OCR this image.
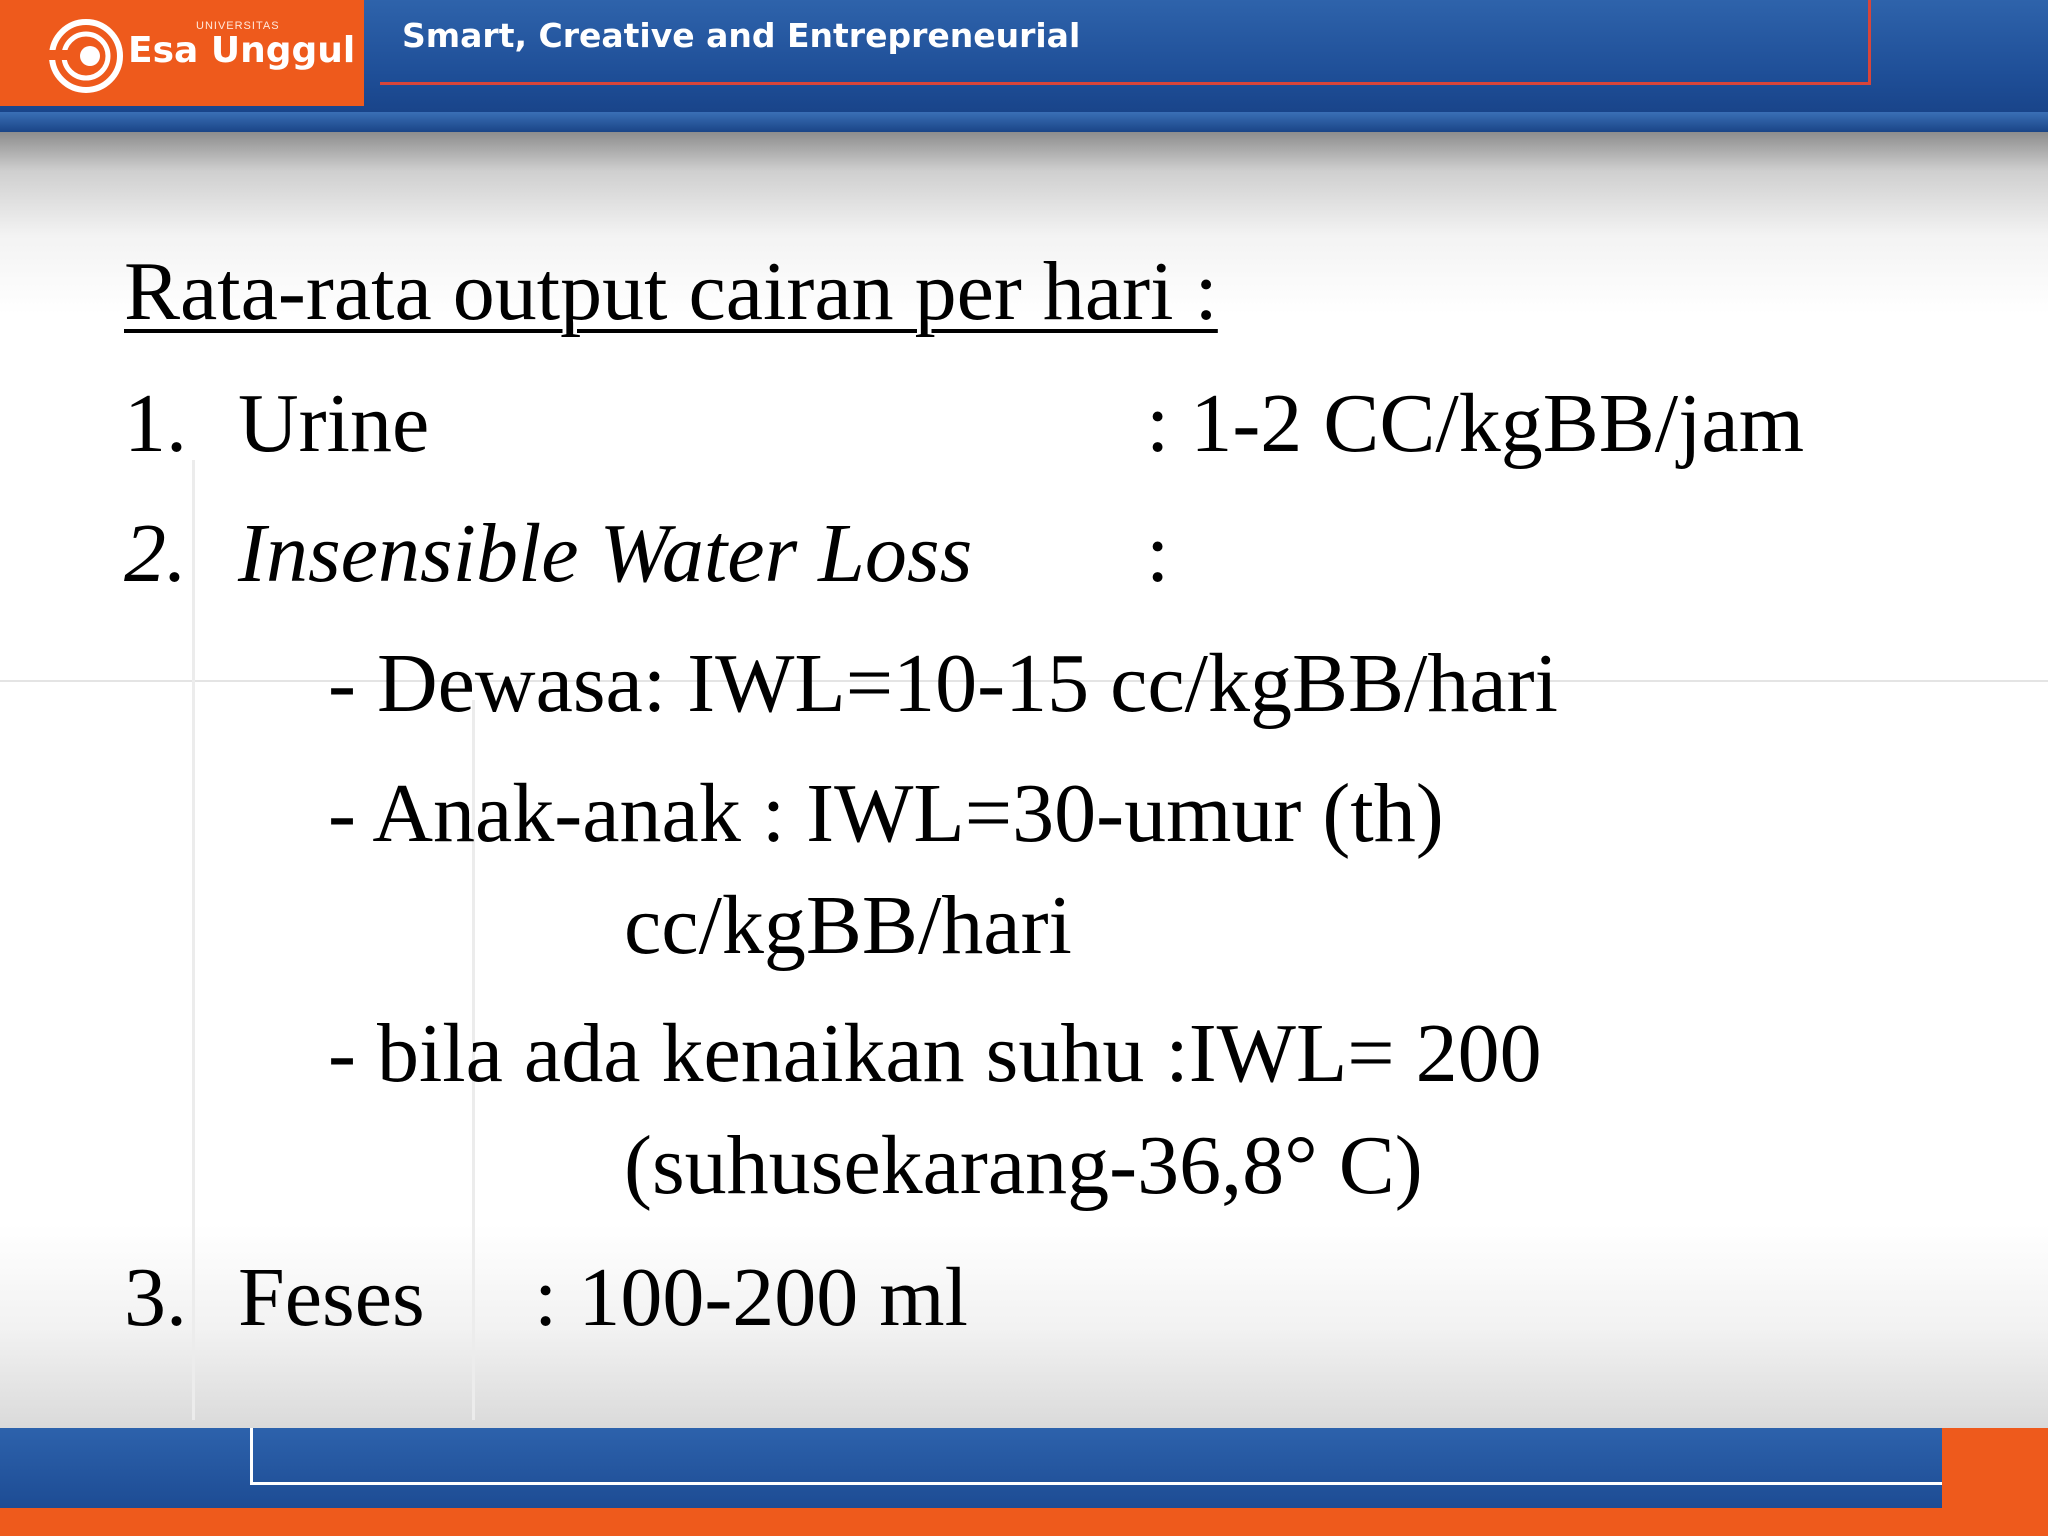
UNIVERSITAS
Esa Unggul Smart, Creative and Entrepreneurial
Rata-rata output cairan per hari :
1. Urine	: 1-2 CC/kgBB/jam
2. Insensible Water Loss :
- Dewasa: IWL=10-15 cc/kgBB/hari
- Anak-anak : IWL=30-umur (th)
cc/kgBB/hari
- bila ada kenaikan suhu :IWL= 200
(suhusekarang-36,8° C)
3. Feses : 100-200 ml
